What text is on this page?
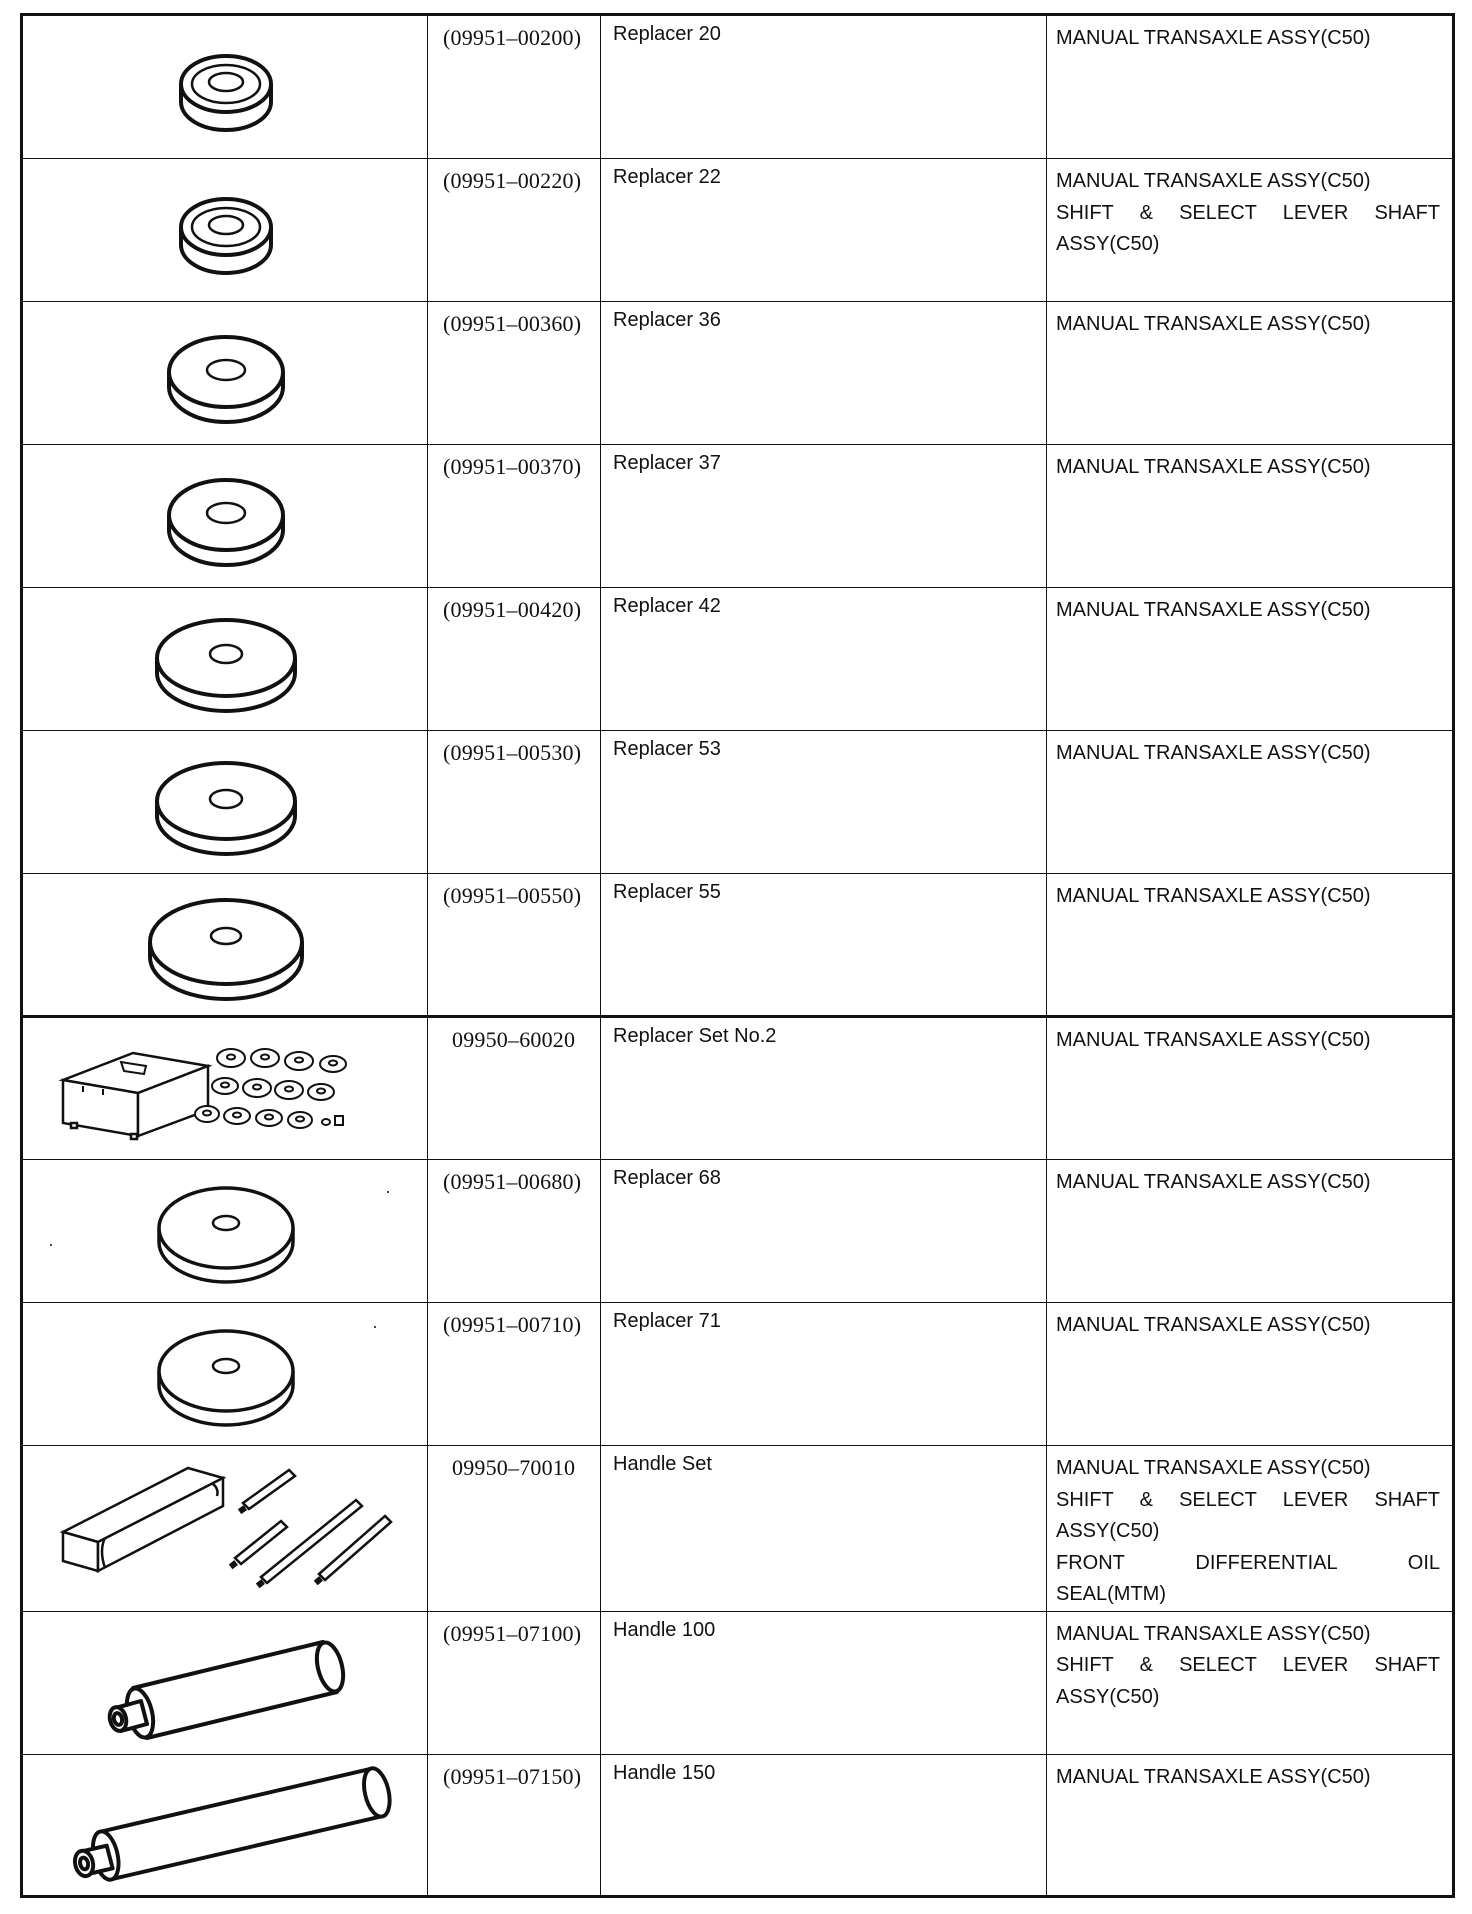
(09951–00200)	Replacer 20	MANUAL TRANSAXLE ASSY(C50)

(09951–00220)	Replacer 22	MANUAL TRANSAXLE ASSY(C50)

SHIFT & SELECT LEVER SHAFT

ASSY(C50)

(09951–00360)	Replacer 36	MANUAL TRANSAXLE ASSY(C50)

(09951–00370)	Replacer 37	MANUAL TRANSAXLE ASSY(C50)

(09951–00420)	Replacer 42	MANUAL TRANSAXLE ASSY(C50)

(09951–00530)	Replacer 53	MANUAL TRANSAXLE ASSY(C50)

(09951–00550)	Replacer 55	MANUAL TRANSAXLE ASSY(C50)

09950–60020	Replacer Set No.2	MANUAL TRANSAXLE ASSY(C50)

(09951–00680)	Replacer 68	MANUAL TRANSAXLE ASSY(C50)

(09951–00710)	Replacer 71	MANUAL TRANSAXLE ASSY(C50)

09950–70010	Handle Set	MANUAL TRANSAXLE ASSY(C50)

SHIFT & SELECT LEVER SHAFT

ASSY(C50)

FRONT DIFFERENTIAL OIL

SEAL(MTM)

(09951–07100)	Handle 100	MANUAL TRANSAXLE ASSY(C50)

SHIFT & SELECT LEVER SHAFT

ASSY(C50)

(09951–07150)	Handle 150	MANUAL TRANSAXLE ASSY(C50)
